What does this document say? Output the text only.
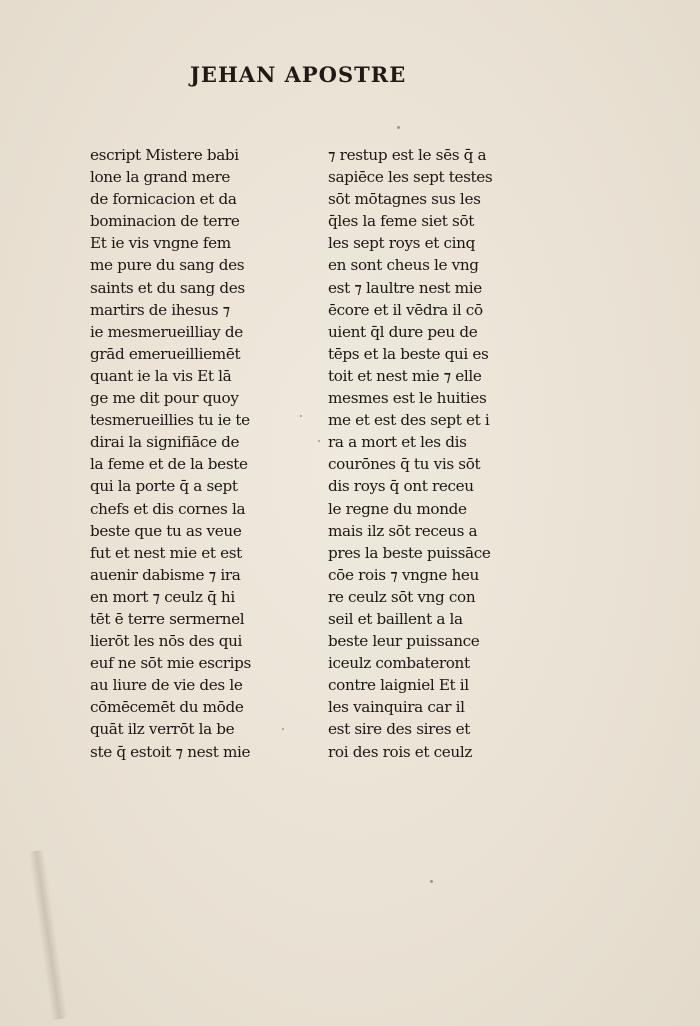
JEHAN APOSTRE
escript Mistere babi
lone la grand mere
de fornicacion et da
bominacion de terre
Et ie vis vngne fem
me pure du sang des
saints et du sang des
martirs de ihesus ⁊
ie mesmerueilliay de
grād emerueilliemēt
quant ie la vis Et lā
ge me dit pour quoy
tesmerueillies tu ie te
dirai la signifiāce de
la feme et de la beste
qui la porte q̄ a sept
chefs et dis cornes la
beste que tu as veue
fut et nest mie et est
auenir dabisme ⁊ ira
en mort ⁊ ceulz q̄ hi
tēt ē terre sermernel
lierōt les nōs des qui
euf ne sōt mie escrips
au liure de vie des le
cōmēcemēt du mōde
quāt ilz verrōt la be
ste q̄ estoit ⁊ nest mie
⁊ restup est le sēs q̄ a
sapiēce les sept testes
sōt mōtagnes sus les
q̄les la feme siet sōt
les sept roys et cinq
en sont cheus le vng
est ⁊ laultre nest mie
ēcore et il vēdra il cō
uient q̄l dure peu de
tēps et la beste qui es
toit et nest mie ⁊ elle
mesmes est le huities
me et est des sept et i
ra a mort et les dis
courōnes q̄ tu vis sōt
dis roys q̄ ont receu
le regne du monde
mais ilz sōt receus a
pres la beste puissāce
cōe rois ⁊ vngne heu
re ceulz sōt vng con
seil et baillent a la
beste leur puissance
iceulz combateront
contre laigniel Et il
les vainquira car il
est sire des sires et
roi des rois et ceulz
